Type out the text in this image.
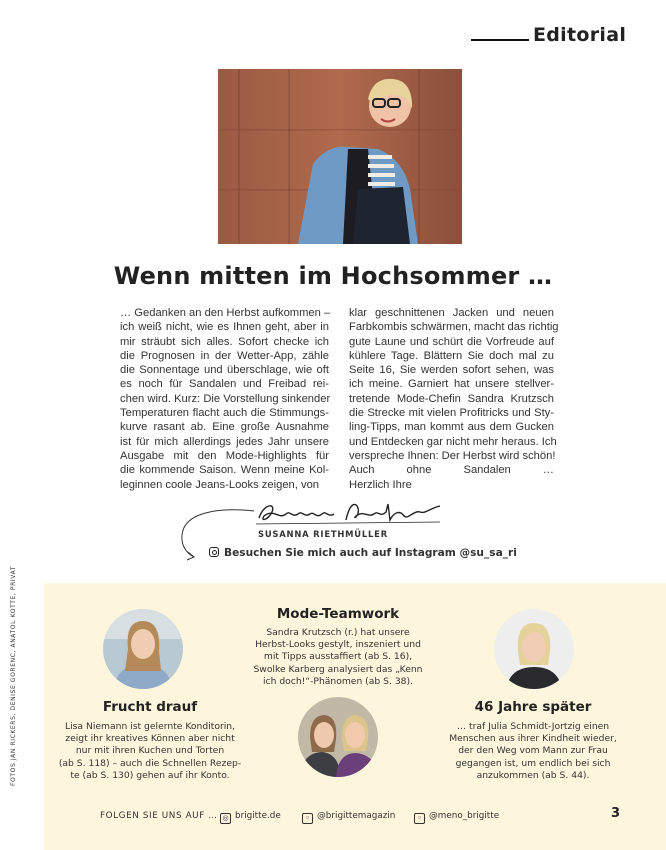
Editorial
Wenn mitten im Hochsommer …
… Gedanken an den Herbst aufkommen –
ich weiß nicht, wie es Ihnen geht, aber in
mir sträubt sich alles. Sofort checke ich
die Prognosen in der Wetter-App, zähle
die Sonnentage und überschlage, wie oft
es noch für Sandalen und Freibad rei-
chen wird. Kurz: Die Vorstellung sinkender
Temperaturen flacht auch die Stimmungs-
kurve rasant ab. Eine große Ausnahme
ist für mich allerdings jedes Jahr unsere
Ausgabe mit den Mode-Highlights für
die kommende Saison. Wenn meine Kol-
leginnen coole Jeans-Looks zeigen, von
klar geschnittenen Jacken und neuen
Farbkombis schwärmen, macht das richtig
gute Laune und schürt die Vorfreude auf
kühlere Tage. Blättern Sie doch mal zu
Seite 16, Sie werden sofort sehen, was
ich meine. Garniert hat unsere stellver-
tretende Mode-Chefin Sandra Krutzsch
die Strecke mit vielen Profitricks und Sty-
ling-Tipps, man kommt aus dem Gucken
und Entdecken gar nicht mehr heraus. Ich
verspreche Ihnen: Der Herbst wird schön!
Auch ohne Sandalen …
Herzlich Ihre
SUSANNA RIETHMÜLLER
Besuchen Sie mich auch auf Instagram @su_sa_ri
FOTOS JAN RICKERS, DENISE GORENC, ANATOL KOTTE, PRIVAT	Mode-Teamwork
Sandra Krutzsch (r.) hat unsere
Herbst-Looks gestylt, inszeniert und
mit Tipps ausstaffiert (ab S. 16),
Swolke Karberg analysiert das „Kenn
ich doch!“-Phänomen (ab S. 38).
Frucht drauf
Lisa Niemann ist gelernte Konditorin,
zeigt ihr kreatives Können aber nicht
nur mit ihren Kuchen und Torten
(ab S. 118) – auch die Schnellen Rezep-
te (ab S. 130) gehen auf ihr Konto.
46 Jahre später
… traf Julia Schmidt-Jortzig einen
Menschen aus ihrer Kindheit wieder,
der den Weg vom Mann zur Frau
gegangen ist, um endlich bei sich
anzukommen (ab S. 44).
FOLGEN SIE UNS AUF … ◎ brigitte.de	◦ @brigittemagazin	◦ @meno_brigitte	3
